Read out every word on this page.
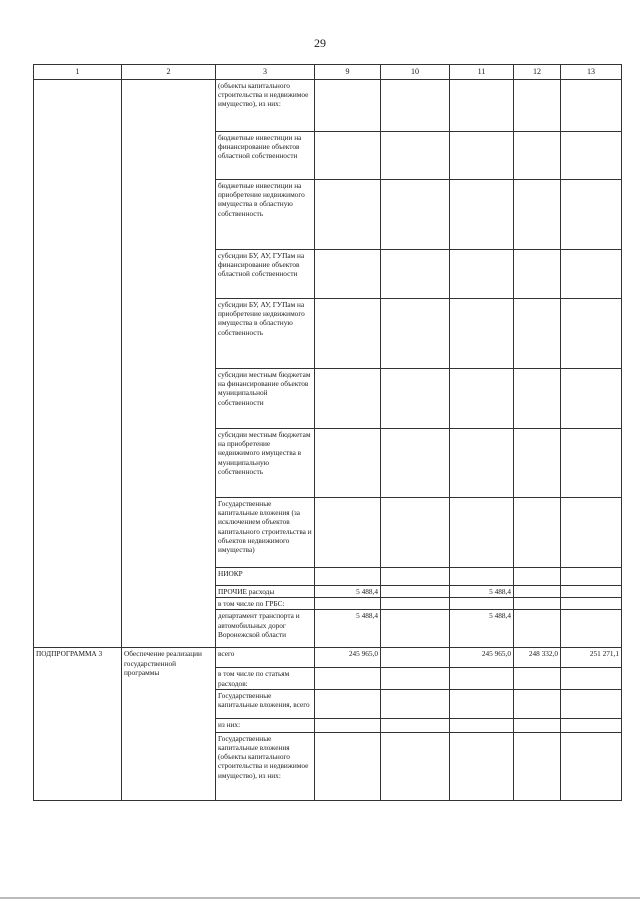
29
1	2	3	9	10	11	12	13
		(объекты капитального строительства и недвижимое имущество), из них:					
		бюджетные инвестиции на финансирование объектов областной собственности					
		бюджетные инвестиции на приобретение недвижимого имущества в областную собственность					
		субсидии БУ, АУ, ГУПам на финансирование объектов областной собственности					
		субсидии БУ, АУ, ГУПам на приобретение недвижимого имущества в областную собственность					
		субсидии местным бюджетам на финансирование объектов муниципальной собственности					
		субсидии местным бюджетам на приобретение недвижимого имущества в муниципальную собственность					
		Государственные капитальные вложения (за исключением объектов капитального строительства и объектов недвижимого имущества)					
		НИОКР					
		ПРОЧИЕ расходы	5 488,4		5 488,4		
		в том числе по ГРБС:					
		департамент транспорта и автомобильных дорог Воронежской области	5 488,4		5 488,4		
ПОДПРОГРАММА 3	Обеспечение реализации государственной программы	всего	245 965,0		245 965,0	248 332,0	251 271,1
		в том числе по статьям расходов:					
		Государственные капитальные вложения, всего					
		из них:					
		Государственные капитальные вложения (объекты капитального строительства и недвижимое имущество), из них:					
